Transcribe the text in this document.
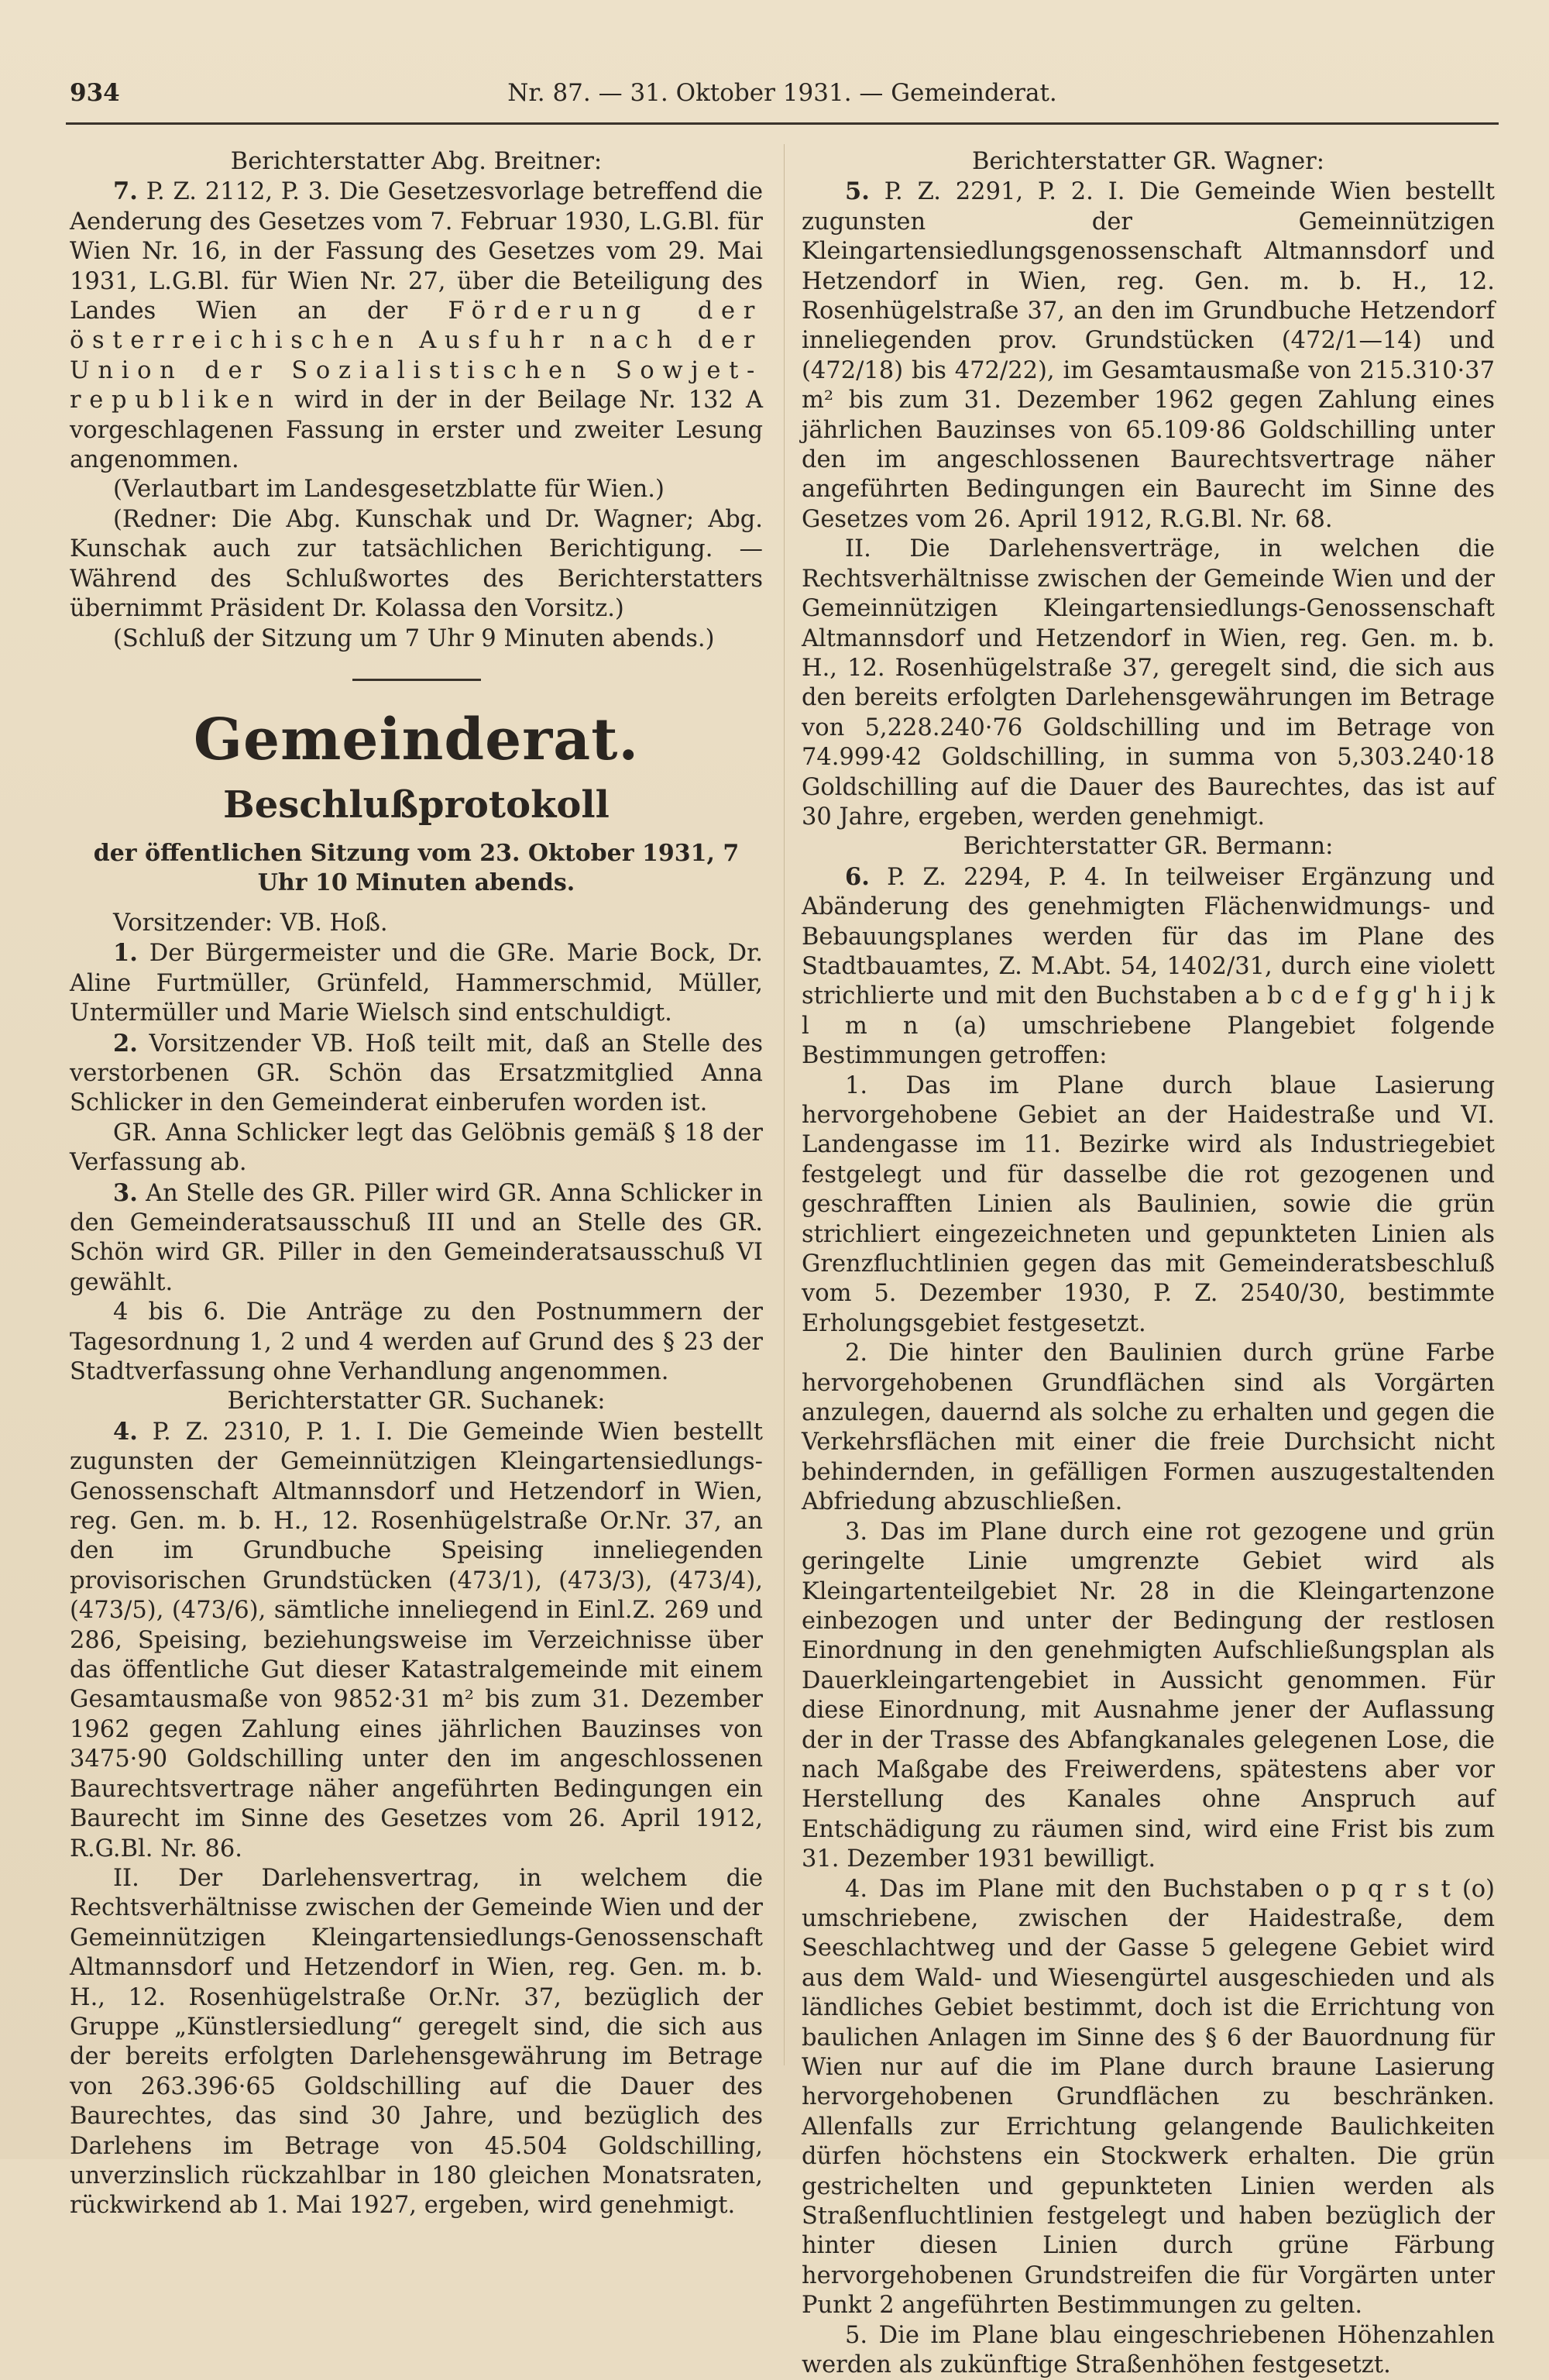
934	Nr. 87. — 31. Oktober 1931. — Gemeinderat.

Berichterstatter Abg. Breitner:

7. P. Z. 2112, P. 3. Die Gesetzesvorlage betreffend die Aenderung des Gesetzes vom 7. Februar 1930, L.G.Bl. für Wien Nr. 16, in der Fassung des Gesetzes vom 29. Mai 1931, L.G.Bl. für Wien Nr. 27, über die Beteiligung des Landes Wien an der Förderung der österreichischen Ausfuhr nach der Union der Sozialistischen Sowjet-republiken wird in der in der Beilage Nr. 132 A vorgeschlagenen Fassung in erster und zweiter Lesung angenommen.

(Verlautbart im Landesgesetzblatte für Wien.)

(Redner: Die Abg. Kunschak und Dr. Wagner; Abg. Kunschak auch zur tatsächlichen Berichtigung. — Während des Schlußwortes des Berichterstatters übernimmt Präsident Dr. Kolassa den Vorsitz.)

(Schluß der Sitzung um 7 Uhr 9 Minuten abends.)

Gemeinderat.
Beschlußprotokoll
der öffentlichen Sitzung vom 23. Oktober 1931, 7 Uhr 10 Minuten abends.

Vorsitzender: VB. Hoß.

1. Der Bürgermeister und die GRe. Marie Bock, Dr. Aline Furtmüller, Grünfeld, Hammerschmid, Müller, Untermüller und Marie Wielsch sind entschuldigt.

2. Vorsitzender VB. Hoß teilt mit, daß an Stelle des verstorbenen GR. Schön das Ersatzmitglied Anna Schlicker in den Gemeinderat einberufen worden ist.

GR. Anna Schlicker legt das Gelöbnis gemäß § 18 der Verfassung ab.

3. An Stelle des GR. Piller wird GR. Anna Schlicker in den Gemeinderatsausschuß III und an Stelle des GR. Schön wird GR. Piller in den Gemeinderatsausschuß VI gewählt.

4 bis 6. Die Anträge zu den Postnummern der Tagesordnung 1, 2 und 4 werden auf Grund des § 23 der Stadtverfassung ohne Verhandlung angenommen.

Berichterstatter GR. Suchanek:

4. P. Z. 2310, P. 1. I. Die Gemeinde Wien bestellt zugunsten der Gemeinnützigen Kleingartensiedlungs-Genossenschaft Altmannsdorf und Hetzendorf in Wien, reg. Gen. m. b. H., 12. Rosenhügelstraße Or.Nr. 37, an den im Grundbuche Speising inneliegenden provisorischen Grundstücken (473/1), (473/3), (473/4), (473/5), (473/6), sämtliche inneliegend in Einl.Z. 269 und 286, Speising, beziehungsweise im Verzeichnisse über das öffentliche Gut dieser Katastralgemeinde mit einem Gesamtausmaße von 9852·31 m² bis zum 31. Dezember 1962 gegen Zahlung eines jährlichen Bauzinses von 3475·90 Goldschilling unter den im angeschlossenen Baurechtsvertrage näher angeführten Bedingungen ein Baurecht im Sinne des Gesetzes vom 26. April 1912, R.G.Bl. Nr. 86.

II. Der Darlehensvertrag, in welchem die Rechtsverhältnisse zwischen der Gemeinde Wien und der Gemeinnützigen Kleingartensiedlungs-Genossenschaft Altmannsdorf und Hetzendorf in Wien, reg. Gen. m. b. H., 12. Rosenhügelstraße Or.Nr. 37, bezüglich der Gruppe „Künstlersiedlung“ geregelt sind, die sich aus der bereits erfolgten Darlehensgewährung im Betrage von 263.396·65 Goldschilling auf die Dauer des Baurechtes, das sind 30 Jahre, und bezüglich des Darlehens im Betrage von 45.504 Goldschilling, unverzinslich rückzahlbar in 180 gleichen Monatsraten, rückwirkend ab 1. Mai 1927, ergeben, wird genehmigt.

Berichterstatter GR. Wagner:

5. P. Z. 2291, P. 2. I. Die Gemeinde Wien bestellt zugunsten der Gemeinnützigen Kleingartensiedlungsgenossenschaft Altmannsdorf und Hetzendorf in Wien, reg. Gen. m. b. H., 12. Rosenhügelstraße 37, an den im Grundbuche Hetzendorf inneliegenden prov. Grundstücken (472/1—14) und (472/18) bis 472/22), im Gesamtausmaße von 215.310·37 m² bis zum 31. Dezember 1962 gegen Zahlung eines jährlichen Bauzinses von 65.109·86 Goldschilling unter den im angeschlossenen Baurechtsvertrage näher angeführten Bedingungen ein Baurecht im Sinne des Gesetzes vom 26. April 1912, R.G.Bl. Nr. 68.

II. Die Darlehensverträge, in welchen die Rechtsverhältnisse zwischen der Gemeinde Wien und der Gemeinnützigen Kleingartensiedlungs-Genossenschaft Altmannsdorf und Hetzendorf in Wien, reg. Gen. m. b. H., 12. Rosenhügelstraße 37, geregelt sind, die sich aus den bereits erfolgten Darlehensgewährungen im Betrage von 5,228.240·76 Goldschilling und im Betrage von 74.999·42 Goldschilling, in summa von 5,303.240·18 Goldschilling auf die Dauer des Baurechtes, das ist auf 30 Jahre, ergeben, werden genehmigt.

Berichterstatter GR. Bermann:

6. P. Z. 2294, P. 4. In teilweiser Ergänzung und Abänderung des genehmigten Flächenwidmungs- und Bebauungsplanes werden für das im Plane des Stadtbauamtes, Z. M.Abt. 54, 1402/31, durch eine violett strichlierte und mit den Buchstaben a b c d e f g g' h i j k l m n (a) umschriebene Plangebiet folgende Bestimmungen getroffen:

1. Das im Plane durch blaue Lasierung hervorgehobene Gebiet an der Haidestraße und VI. Landengasse im 11. Bezirke wird als Industriegebiet festgelegt und für dasselbe die rot gezogenen und geschrafften Linien als Baulinien, sowie die grün strichliert eingezeichneten und gepunkteten Linien als Grenzfluchtlinien gegen das mit Gemeinderatsbeschluß vom 5. Dezember 1930, P. Z. 2540/30, bestimmte Erholungsgebiet festgesetzt.

2. Die hinter den Baulinien durch grüne Farbe hervorgehobenen Grundflächen sind als Vorgärten anzulegen, dauernd als solche zu erhalten und gegen die Verkehrsflächen mit einer die freie Durchsicht nicht behindernden, in gefälligen Formen auszugestaltenden Abfriedung abzuschließen.

3. Das im Plane durch eine rot gezogene und grün geringelte Linie umgrenzte Gebiet wird als Kleingartenteilgebiet Nr. 28 in die Kleingartenzone einbezogen und unter der Bedingung der restlosen Einordnung in den genehmigten Aufschließungsplan als Dauerkleingartengebiet in Aussicht genommen. Für diese Einordnung, mit Ausnahme jener der Auflassung der in der Trasse des Abfangkanales gelegenen Lose, die nach Maßgabe des Freiwerdens, spätestens aber vor Herstellung des Kanales ohne Anspruch auf Entschädigung zu räumen sind, wird eine Frist bis zum 31. Dezember 1931 bewilligt.

4. Das im Plane mit den Buchstaben o p q r s t (o) umschriebene, zwischen der Haidestraße, dem Seeschlachtweg und der Gasse 5 gelegene Gebiet wird aus dem Wald- und Wiesengürtel ausgeschieden und als ländliches Gebiet bestimmt, doch ist die Errichtung von baulichen Anlagen im Sinne des § 6 der Bauordnung für Wien nur auf die im Plane durch braune Lasierung hervorgehobenen Grundflächen zu beschränken. Allenfalls zur Errichtung gelangende Baulichkeiten dürfen höchstens ein Stockwerk erhalten. Die grün gestrichelten und gepunkteten Linien werden als Straßenfluchtlinien festgelegt und haben bezüglich der hinter diesen Linien durch grüne Färbung hervorgehobenen Grundstreifen die für Vorgärten unter Punkt 2 angeführten Bestimmungen zu gelten.

5. Die im Plane blau eingeschriebenen Höhenzahlen werden als zukünftige Straßenhöhen festgesetzt.
